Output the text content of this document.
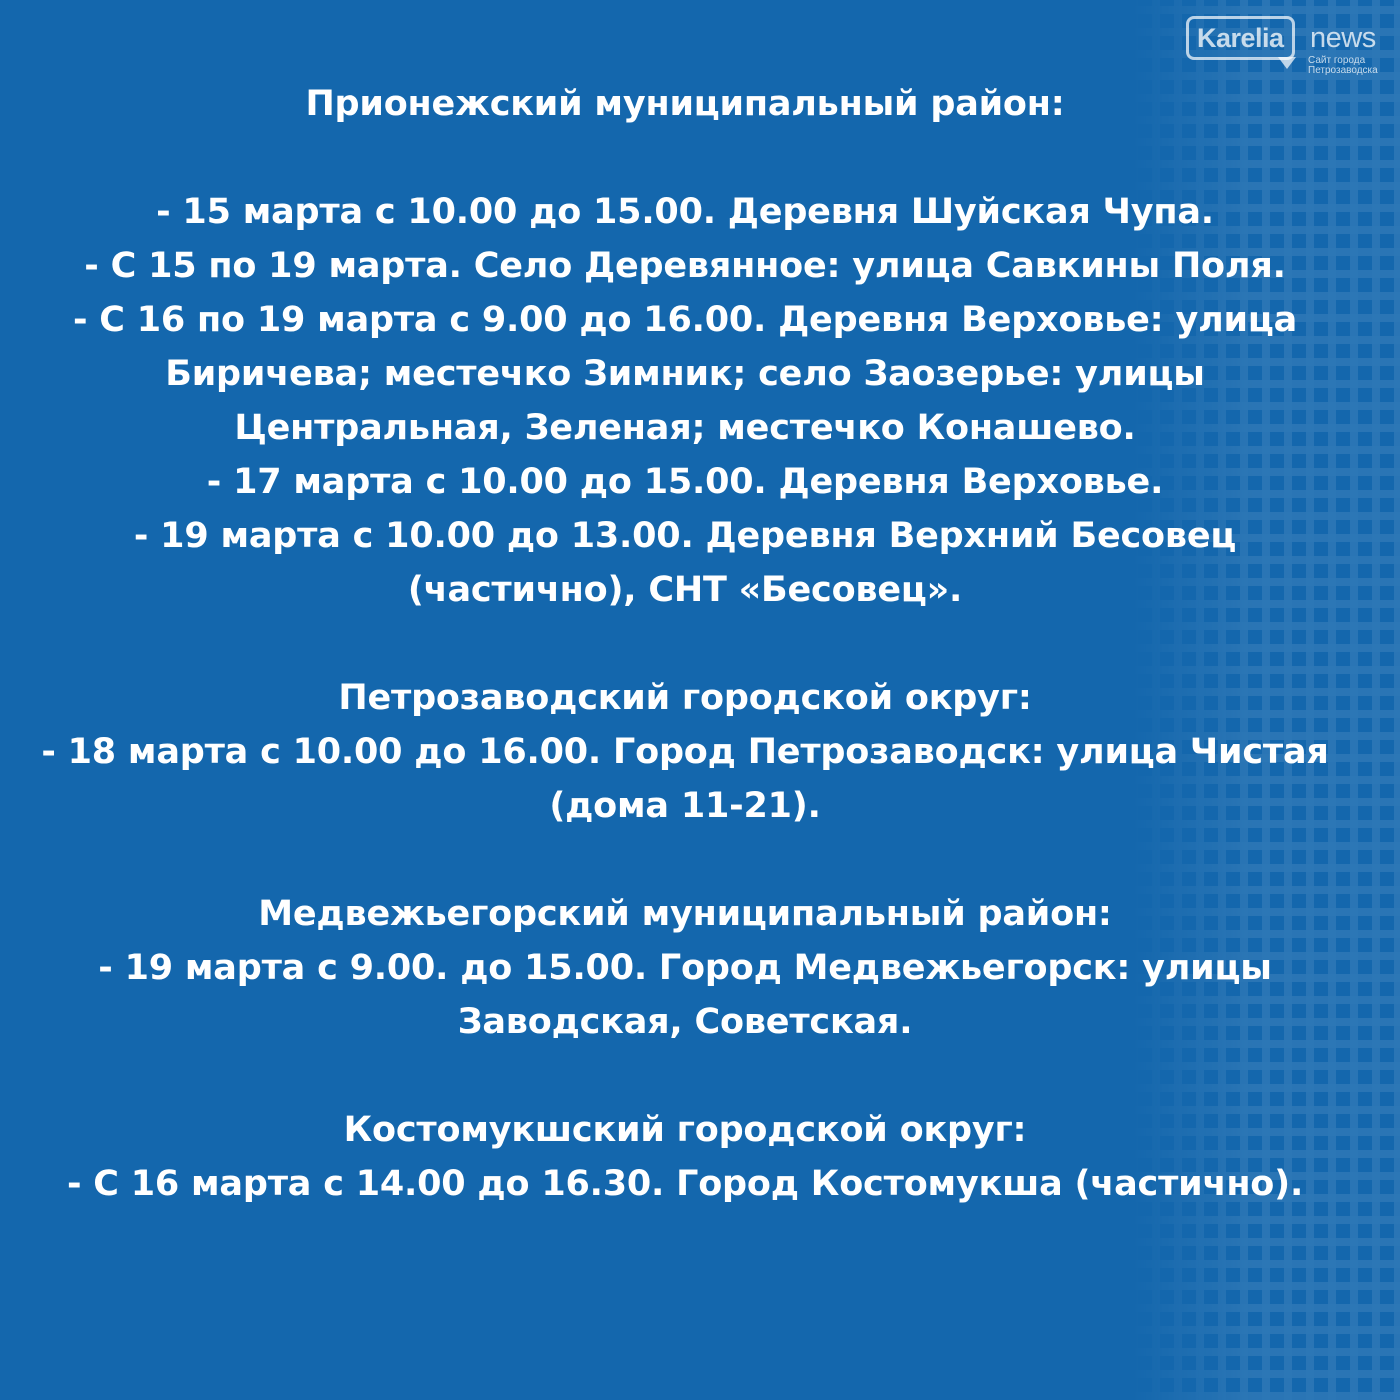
Karelia news
Сайт города
Петрозаводска

Прионежский муниципальный район:

- 15 марта с 10.00 до 15.00. Деревня Шуйская Чупа.

- С 15 по 19 марта. Село Деревянное: улица Савкины Поля.

- С 16 по 19 марта с 9.00 до 16.00. Деревня Верховье: улица Биричева; местечко Зимник; село Заозерье: улицы Центральная, Зеленая; местечко Конашево.

- 17 марта с 10.00 до 15.00. Деревня Верховье.

- 19 марта с 10.00 до 13.00. Деревня Верхний Бесовец (частично), СНТ «Бесовец».

Петрозаводский городской округ:

- 18 марта с 10.00 до 16.00. Город Петрозаводск: улица Чистая (дома 11-21).

Медвежьегорский муниципальный район:

- 19 марта с 9.00. до 15.00. Город Медвежьегорск: улицы Заводская, Советская.

Костомукшский городской округ:

- С 16 марта с 14.00 до 16.30. Город Костомукша (частично).
